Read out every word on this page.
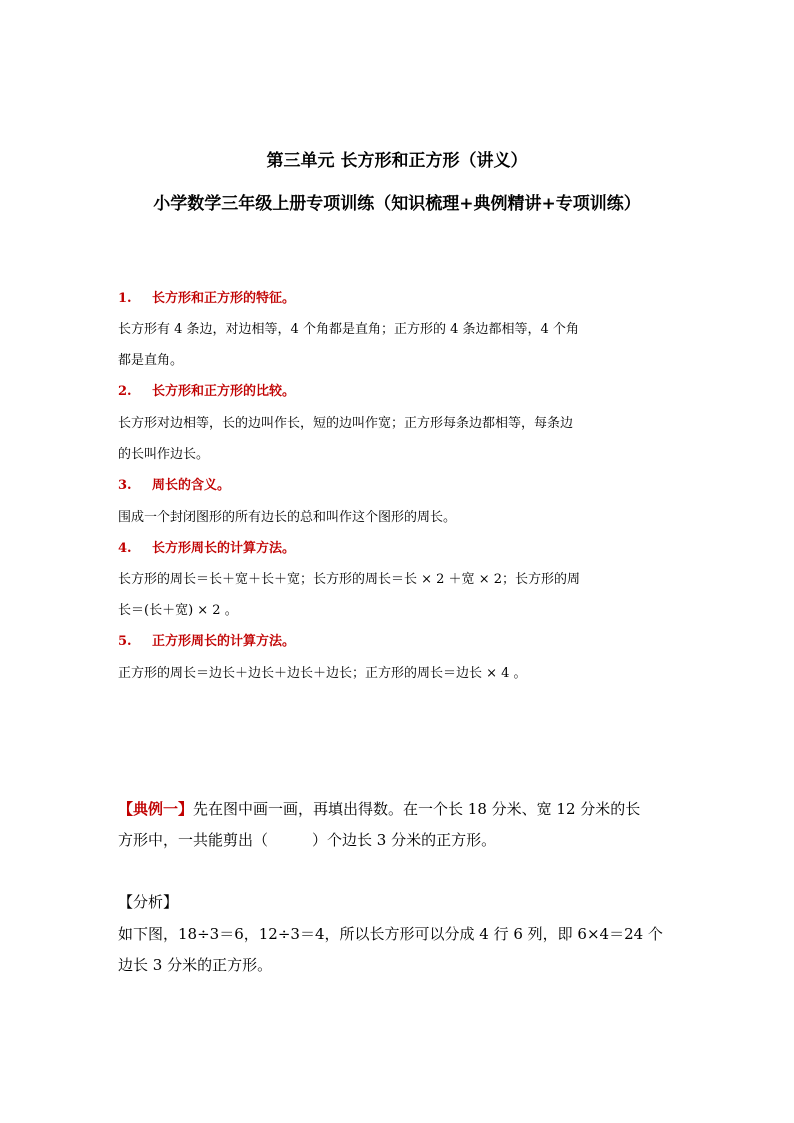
第三单元 长方形和正方形（讲义）
小学数学三年级上册专项训练（知识梳理+典例精讲+专项训练）
1. 长方形和正方形的特征。
长方形有 4 条边，对边相等，4 个角都是直角；正方形的 4 条边都相等，4 个角
都是直角。
2. 长方形和正方形的比较。
长方形对边相等，长的边叫作长，短的边叫作宽；正方形每条边都相等，每条边
的长叫作边长。
3. 周长的含义。
围成一个封闭图形的所有边长的总和叫作这个图形的周长。
4. 长方形周长的计算方法。
长方形的周长＝长＋宽＋长＋宽；长方形的周长＝长 × 2 ＋宽 × 2；长方形的周
长＝(长＋宽) × 2 。
5. 正方形周长的计算方法。
正方形的周长＝边长＋边长＋边长＋边长；正方形的周长＝边长 × 4 。
【典例一】先在图中画一画，再填出得数。在一个长 18 分米、宽 12 分米的长
方形中，一共能剪出（	）个边长 3 分米的正方形。
【分析】
如下图，18÷3＝6，12÷3＝4，所以长方形可以分成 4 行 6 列，即 6×4＝24 个
边长 3 分米的正方形。
